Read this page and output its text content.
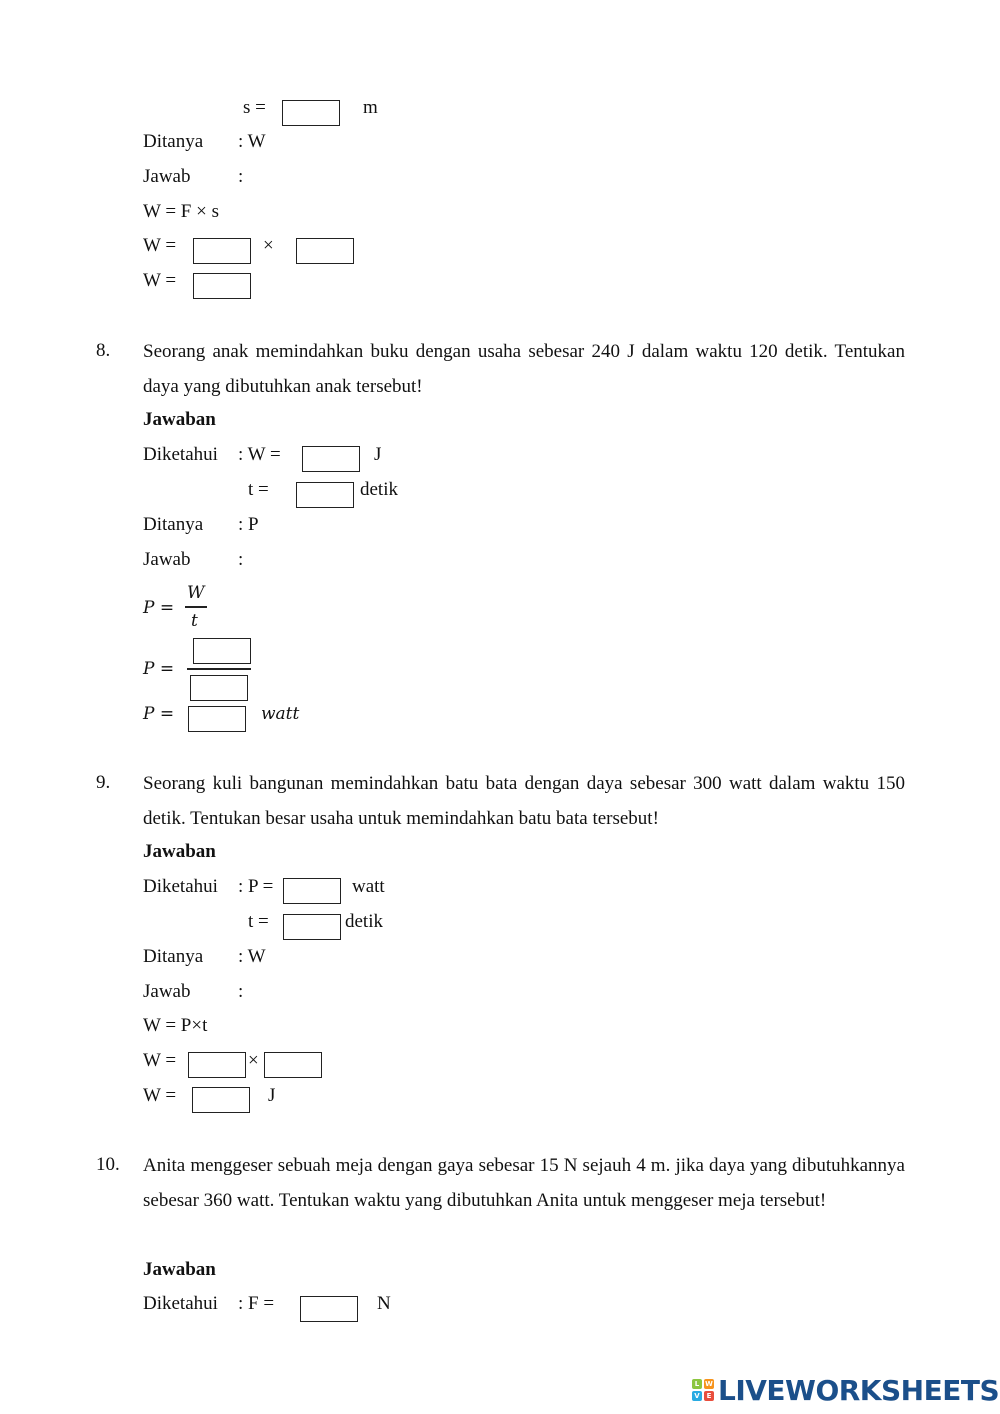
s =	m
Ditanya : W
Jawab	:
W = F × s
W =	×
W =
8. Seorang anak memindahkan buku dengan usaha sebesar 240 J dalam waktu 120 detik. Tentukan daya yang dibutuhkan anak tersebut!
Jawaban
Diketahui : W =	J
t =	detik
Ditanya : P
Jawab	:
P =
W
t
P =
P =	watt
9. Seorang kuli bangunan memindahkan batu bata dengan daya sebesar 300 watt dalam waktu 150 detik. Tentukan besar usaha untuk memindahkan batu bata tersebut!
Jawaban
Diketahui : P =	watt
t =	detik
Ditanya : W
Jawab	:
W = P×t
W =	×
W =	J
10. Anita menggeser sebuah meja dengan gaya sebesar 15 N sejauh 4 m. jika daya yang dibutuhkannya sebesar 360 watt. Tentukan waktu yang dibutuhkan Anita untuk menggeser meja tersebut!
Jawaban
Diketahui : F =	N
L W
V E LIVEWORKSHEETS
